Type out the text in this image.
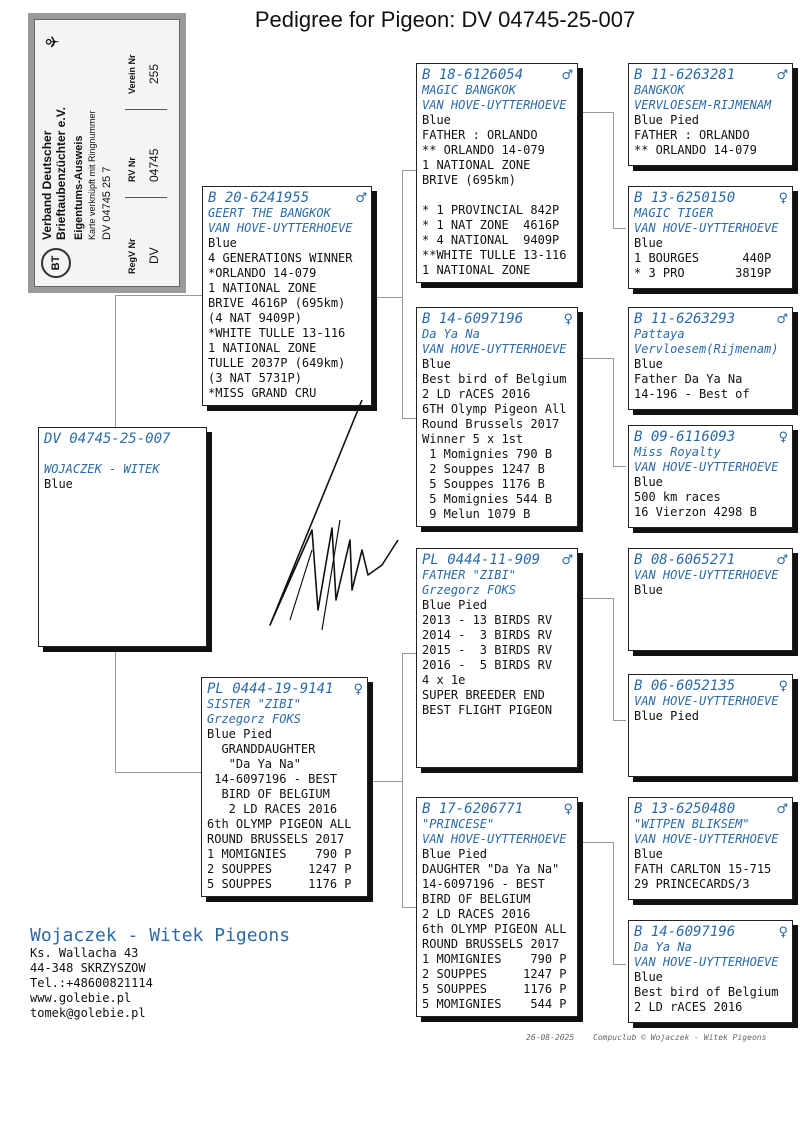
Pedigree for Pigeon: DV 04745-25-007
BT
⚘
Verband Deutscher Brieftaubenzüchter e.V. Eigentums-Ausweis Karte verknüpft mit Ringnummer DV 04745 25 7
RegV Nr DV
RV Nr 04745
Verein Nr 255
DV 04745-25-007
WOJACZEK - WITEK
Blue
B 20-6241955	♂
GEERT THE BANGKOK
VAN HOVE-UYTTERHOEVE
Blue
4 GENERATIONS WINNER
*ORLANDO 14-079
1 NATIONAL ZONE
BRIVE 4616P (695km)
(4 NAT 9409P)
*WHITE TULLE 13-116
1 NATIONAL ZONE
TULLE 2037P (649km)
(3 NAT 5731P)
*MISS GRAND CRU
PL 0444-19-9141	♀
SISTER "ZIBI"
Grzegorz FOKS
Blue Pied
GRANDDAUGHTER
"Da Ya Na"
14-6097196 - BEST
BIRD OF BELGIUM
2 LD RACES 2016
6th OLYMP PIGEON ALL
ROUND BRUSSELS 2017
1 MOMIGNIES    790 P
2 SOUPPES     1247 P
5 SOUPPES     1176 P
B 18-6126054	♂
MAGIC BANGKOK
VAN HOVE-UYTTERHOEVE
Blue
FATHER : ORLANDO
** ORLANDO 14-079
1 NATIONAL ZONE
BRIVE (695km)

* 1 PROVINCIAL 842P
* 1 NAT ZONE  4616P
* 4 NATIONAL  9409P
**WHITE TULLE 13-116
1 NATIONAL ZONE
B 14-6097196	♀
Da Ya Na
VAN HOVE-UYTTERHOEVE
Blue
Best bird of Belgium
2 LD rACES 2016
6TH Olymp Pigeon All
Round Brussels 2017
Winner 5 x 1st
1 Momignies 790 B
2 Souppes 1247 B
5 Souppes 1176 B
5 Momignies 544 B
9 Melun 1079 B
PL 0444-11-909	♂
FATHER "ZIBI"
Grzegorz FOKS
Blue Pied
2013 - 13 BIRDS RV
2014 -  3 BIRDS RV
2015 -  3 BIRDS RV
2016 -  5 BIRDS RV
4 x 1e
SUPER BREEDER END
BEST FLIGHT PIGEON
B 17-6206771	♀
"PRINCESE"
VAN HOVE-UYTTERHOEVE
Blue Pied
DAUGHTER "Da Ya Na"
14-6097196 - BEST
BIRD OF BELGIUM
2 LD RACES 2016
6th OLYMP PIGEON ALL
ROUND BRUSSELS 2017
1 MOMIGNIES    790 P
2 SOUPPES     1247 P
5 SOUPPES     1176 P
5 MOMIGNIES    544 P
B 11-6263281	♂
BANGKOK
VERVLOESEM-RIJMENAM
Blue Pied
FATHER : ORLANDO
** ORLANDO 14-079
B 13-6250150	♀
MAGIC TIGER
VAN HOVE-UYTTERHOEVE
Blue
1 BOURGES      440P
* 3 PRO       3819P
B 11-6263293	♂
Pattaya
Vervloesem(Rijmenam)
Blue
Father Da Ya Na
14-196 - Best of
B 09-6116093	♀
Miss Royalty
VAN HOVE-UYTTERHOEVE
Blue
500 km races
16 Vierzon 4298 B
B 08-6065271	♂
VAN HOVE-UYTTERHOEVE
Blue
B 06-6052135	♀
VAN HOVE-UYTTERHOEVE
Blue Pied
B 13-6250480	♂
"WITPEN BLIKSEM"
VAN HOVE-UYTTERHOEVE
Blue
FATH CARLTON 15-715
29 PRINCECARDS/3
B 14-6097196	♀
Da Ya Na
VAN HOVE-UYTTERHOEVE
Blue
Best bird of Belgium
2 LD rACES 2016
Wojaczek - Witek Pigeons
Ks. Wallacha 43
44-348 SKRZYSZOW
Tel.:+48600821114
www.golebie.pl
tomek@golebie.pl
26-08-2025 Compuclub © Wojaczek - Witek Pigeons
